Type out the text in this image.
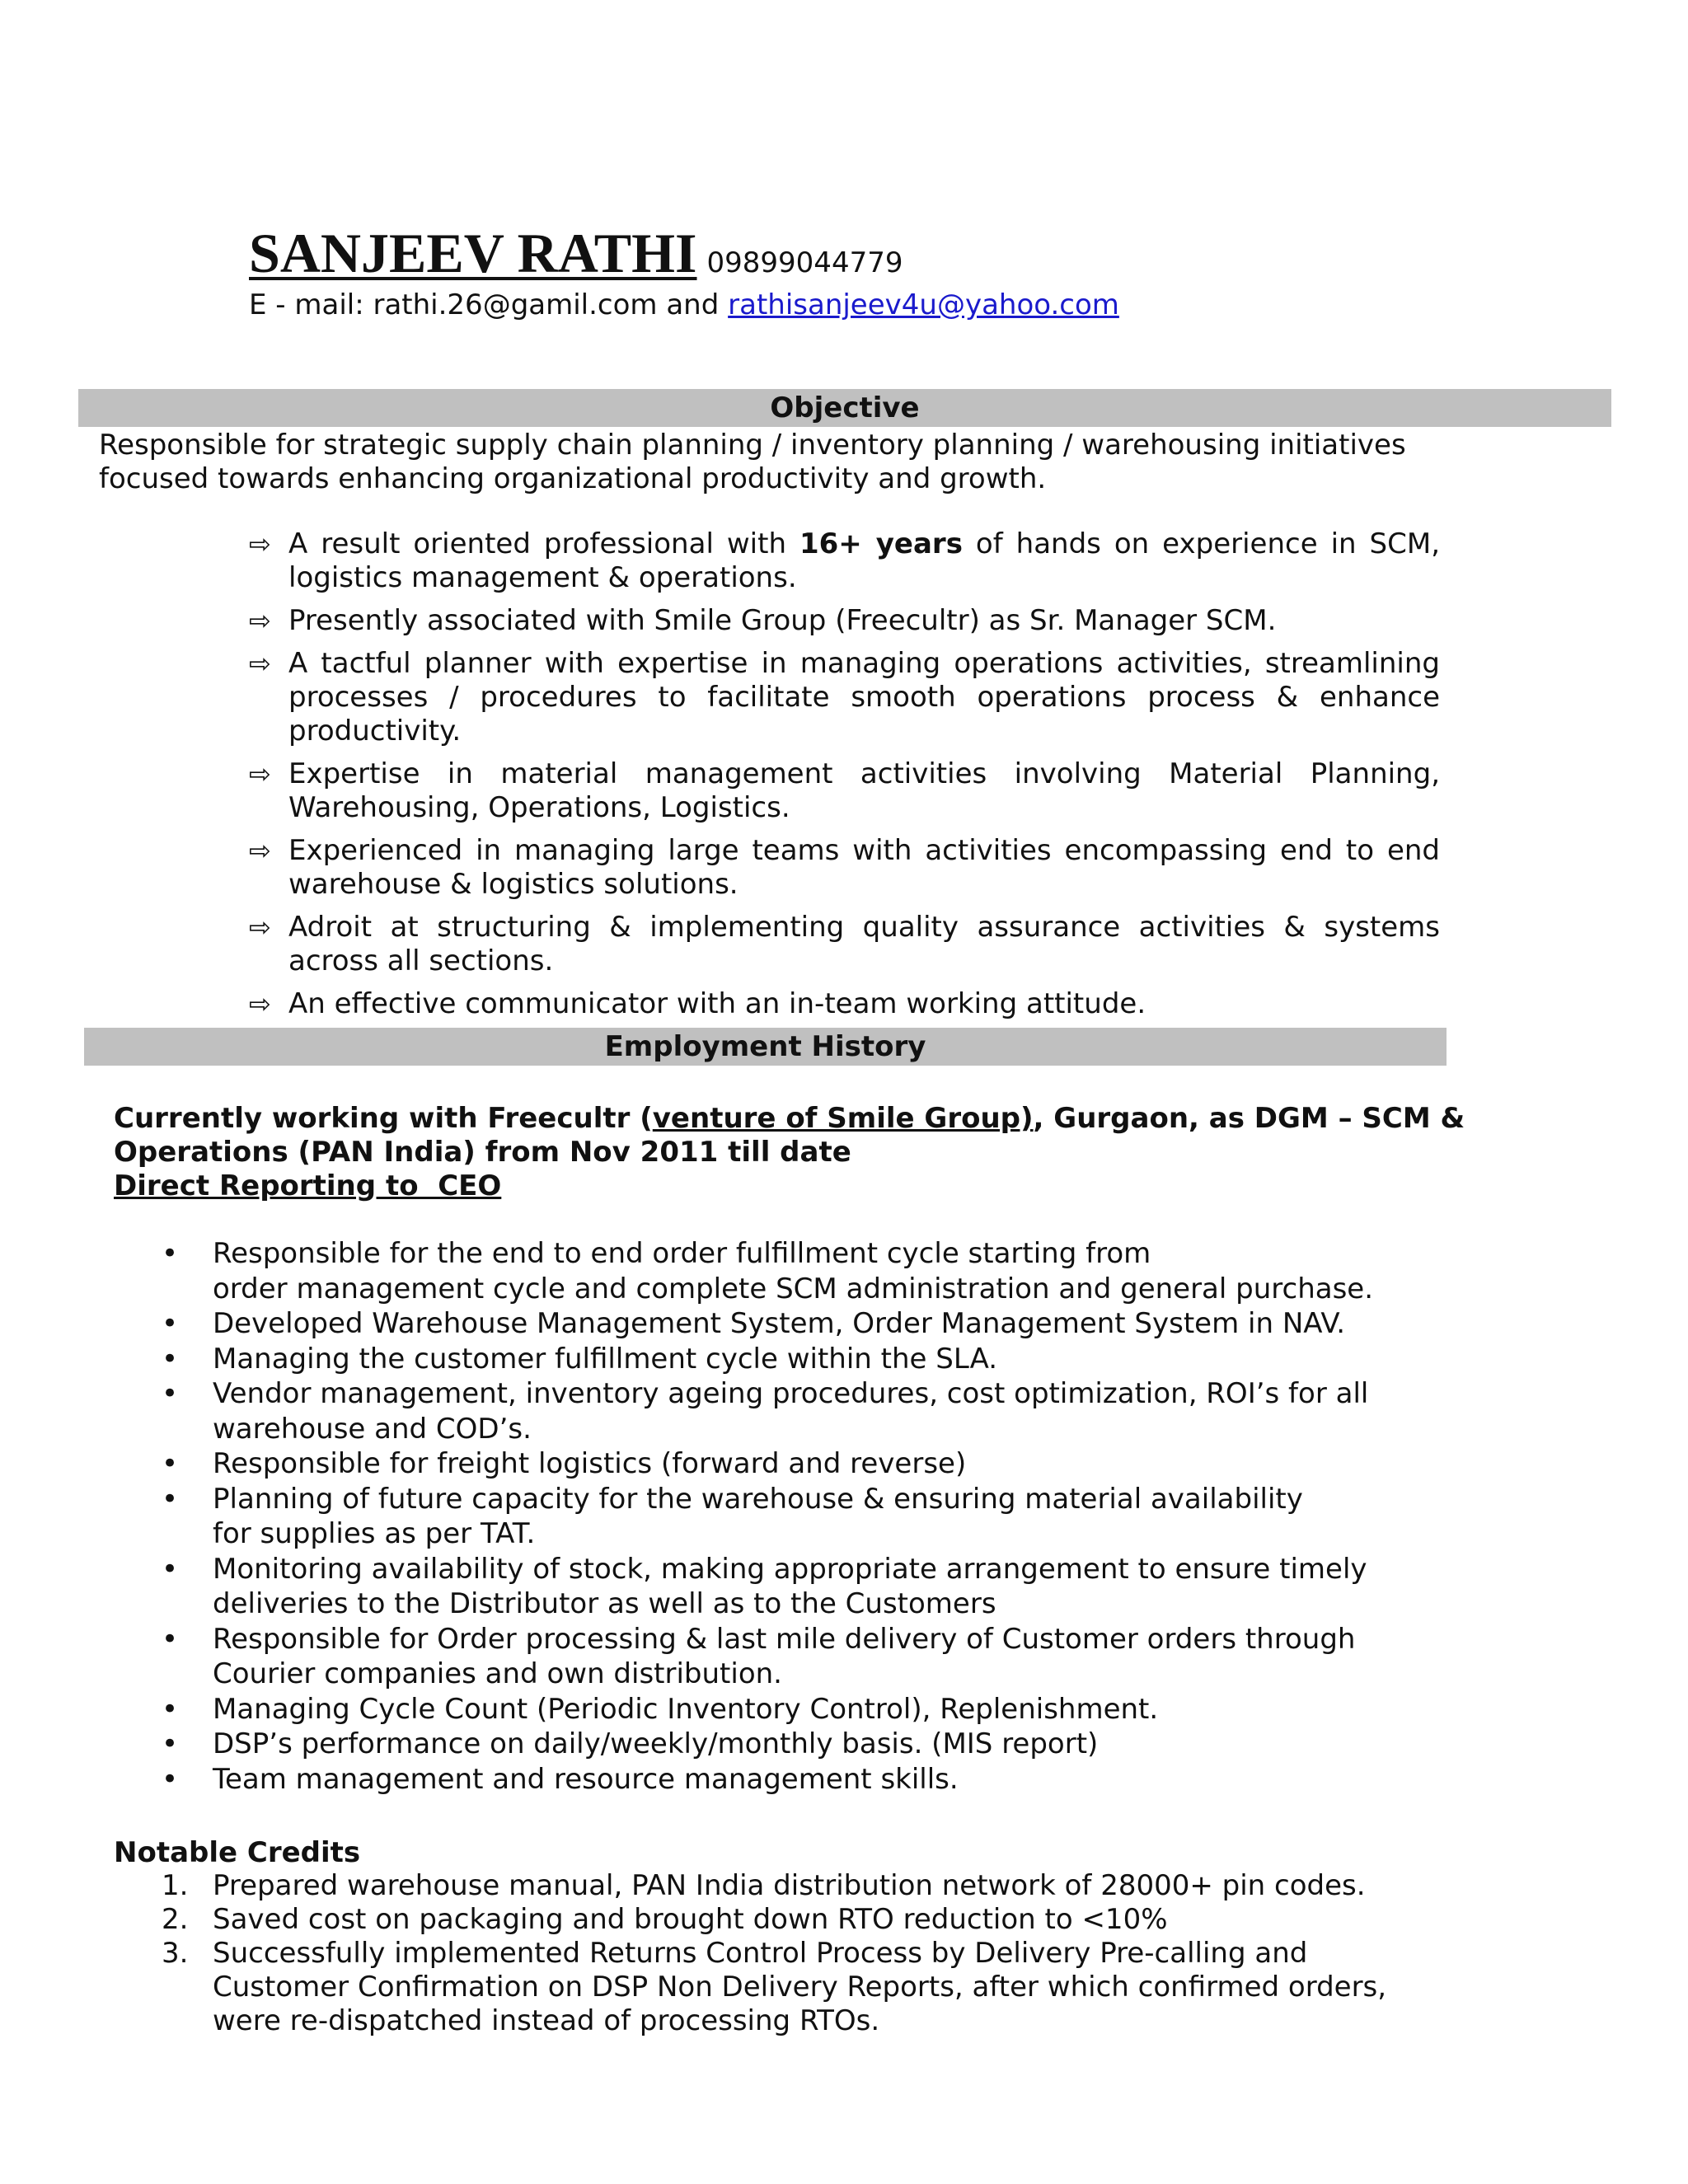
SANJEEV RATHI 09899044779
E - mail: rathi.26@gamil.com and rathisanjeev4u@yahoo.com
Objective

Responsible for strategic supply chain planning / inventory planning / warehousing initiatives focused towards enhancing organizational productivity and growth.

⇨ A result oriented professional with 16+ years of hands on experience in SCM, logistics management & operations.
⇨ Presently associated with Smile Group (Freecultr) as Sr. Manager SCM.
⇨ A tactful planner with expertise in managing operations activities, streamlining processes / procedures to facilitate smooth operations process & enhance productivity.
⇨ Expertise in material management activities involving Material Planning, Warehousing, Operations, Logistics.
⇨ Experienced in managing large teams with activities encompassing end to end warehouse & logistics solutions.
⇨ Adroit at structuring & implementing quality assurance activities & systems across all sections.
⇨ An effective communicator with an in-team working attitude.
Employment History

Currently working with Freecultr (venture of Smile Group), Gurgaon, as DGM – SCM & Operations (PAN India) from Nov 2011 till date
Direct Reporting to  CEO

• Responsible for the end to end order fulfillment cycle starting from
order management cycle and complete SCM administration and general purchase.
• Developed Warehouse Management System, Order Management System in NAV.
• Managing the customer fulfillment cycle within the SLA.
• Vendor management, inventory ageing procedures, cost optimization, ROI’s for all
warehouse and COD’s.
• Responsible for freight logistics (forward and reverse)
• Planning of future capacity for the warehouse & ensuring material availability
for supplies as per TAT.
• Monitoring availability of stock, making appropriate arrangement to ensure timely
deliveries to the Distributor as well as to the Customers
• Responsible for Order processing & last mile delivery of Customer orders through
Courier companies and own distribution.
• Managing Cycle Count (Periodic Inventory Control), Replenishment.
• DSP’s performance on daily/weekly/monthly basis. (MIS report)
• Team management and resource management skills.

Notable Credits

1. Prepared warehouse manual, PAN India distribution network of 28000+ pin codes.
2. Saved cost on packaging and brought down RTO reduction to <10%
3. Successfully implemented Returns Control Process by Delivery Pre-calling and
Customer Confirmation on DSP Non Delivery Reports, after which confirmed orders,
were re-dispatched instead of processing RTOs.
